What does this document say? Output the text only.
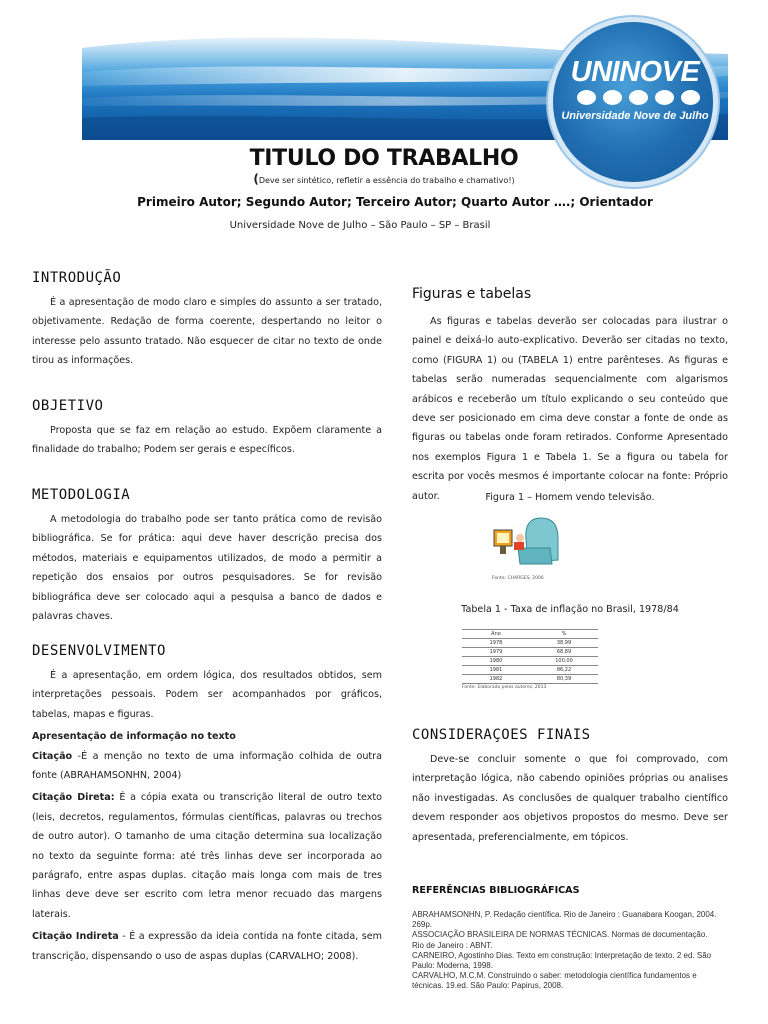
UNINOVE
Universidade Nove de Julho
TITULO DO TRABALHO
(Deve ser sintético, refletir a essência do trabalho e chamativo!)
Primeiro Autor; Segundo Autor; Terceiro Autor; Quarto Autor ….; Orientador
Universidade Nove de Julho – São Paulo – SP – Brasil
INTRODUÇÃO

É a apresentação de modo claro e simples do assunto a ser tratado, objetivamente. Redação de forma coerente, despertando no leitor o interesse pelo assunto tratado. Não esquecer de citar no texto de onde tirou as informações.

OBJETIVO

Proposta que se faz em relação ao estudo. Expõem claramente a finalidade do trabalho; Podem ser gerais e específicos.

METODOLOGIA

A metodologia do trabalho pode ser tanto prática como de revisão bibliográfica. Se for prática: aqui deve haver descrição precisa dos métodos, materiais e equipamentos utilizados, de modo a permitir a repetição dos ensaios por outros pesquisadores. Se for revisão bibliográfica deve ser colocado aqui a pesquisa a banco de dados e palavras chaves.

DESENVOLVIMENTO

É a apresentação, em ordem lógica, dos resultados obtidos, sem interpretações pessoais. Podem ser acompanhados por gráficos, tabelas, mapas e figuras.

Apresentação de informação no texto

Citação -É a menção no texto de uma informação colhida de outra fonte (ABRAHAMSONHN, 2004)

Citação Direta: É a cópia exata ou transcrição literal de outro texto (leis, decretos, regulamentos, fórmulas científicas, palavras ou trechos de outro autor). O tamanho de uma citação determina sua localização no texto da seguinte forma: até três linhas deve ser incorporada ao parágrafo, entre aspas duplas. citação mais longa com mais de tres linhas deve deve ser escrito com letra menor recuado das margens laterais.

Citação Indireta - É a expressão da ideia contida na fonte citada, sem transcrição, dispensando o uso de aspas duplas (CARVALHO; 2008).

Figuras e tabelas

As figuras e tabelas deverão ser colocadas para ilustrar o painel e deixá-lo auto-explicativo. Deverão ser citadas no texto, como (FIGURA 1) ou (TABELA 1) entre parênteses. As figuras e tabelas serão numeradas sequencialmente com algarismos arábicos e receberão um título explicando o seu conteúdo que deve ser posicionado em cima deve constar a fonte de onde as figuras ou tabelas onde foram retirados. Conforme Apresentado nos exemplos Figura 1 e Tabela 1. Se a figura ou tabela for escrita por vocês mesmos é importante colocar na fonte: Próprio autor.	Figura 1 – Homem vendo televisão.
Fonte: CHARGES, 2006
Tabela 1 - Taxa de inflação no Brasil, 1978/84
Ano	%
1978	38,99
1979	68,89
1980	100,00
1981	86,22
1982	80,39
Fonte: Elaborado pelos autores, 2013
CONSIDERAÇOES FINAIS

Deve-se concluir somente o que foi comprovado, com interpretação lógica, não cabendo opiniões próprias ou analises não investigadas. As conclusões de qualquer trabalho científico devem responder aos objetivos propostos do mesmo. Deve ser apresentada, preferencialmente, em tópicos.

REFERÊNCIAS BIBLIOGRÁFICAS
ABRAHAMSONHN, P. Redação científica. Rio de Janeiro : Guanabara Koogan, 2004. 269p.
ASSOCIAÇÃO BRASILEIRA DE NORMAS TÉCNICAS. Normas de documentação. Rio de Janeiro : ABNT.
CARNEIRO, Agostinho Dias. Texto em construção: Interpretação de texto. 2 ed. São Paulo: Moderna, 1998.
CARVALHO, M.C.M. Construindo o saber: metodologia científica fundamentos e técnicas. 19.ed. São Paulo: Papirus, 2008.
